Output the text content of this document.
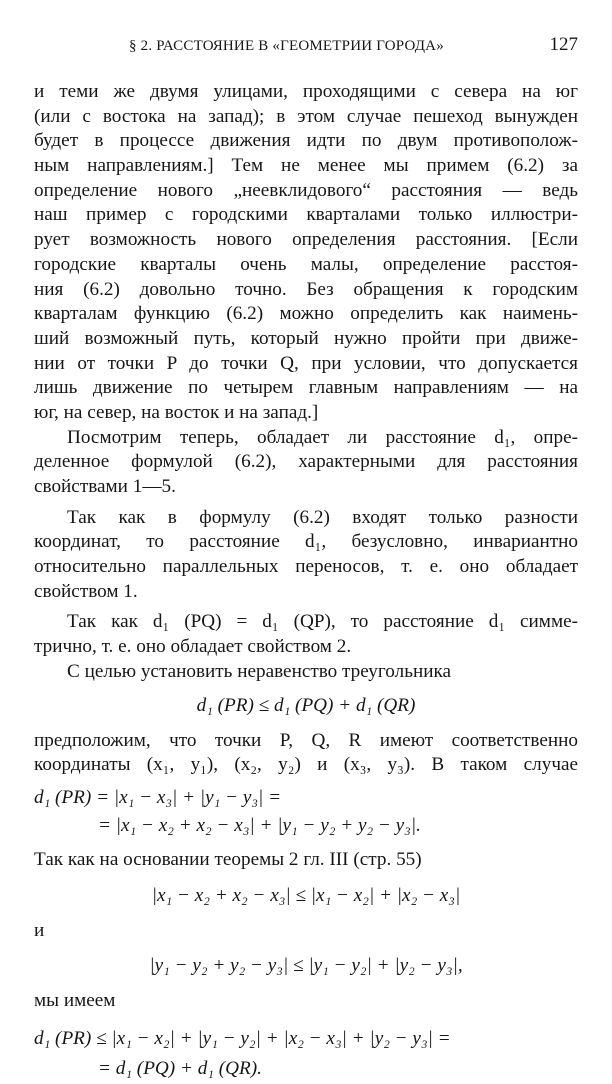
§ 2. РАССТОЯНИЕ В «ГЕОМЕТРИИ ГОРОДА»	127
и теми же двумя улицами, проходящими с севера на юг
(или с востока на запад); в этом случае пешеход вынужден
будет в процессе движения идти по двум противополож-
ным направлениям.] Тем не менее мы примем (6.2) за
определение нового „неевклидового“ расстояния — ведь
наш пример с городскими кварталами только иллюстри-
рует возможность нового определения расстояния. [Если
городские кварталы очень малы, определение расстоя-
ния (6.2) довольно точно. Без обращения к городским
кварталам функцию (6.2) можно определить как наимень-
ший возможный путь, который нужно пройти при движе-
нии от точки P до точки Q, при условии, что допускается
лишь движение по четырем главным направлениям — на
юг, на север, на восток и на запад.]
Посмотрим теперь, обладает ли расстояние d₁, опре-
деленное формулой (6.2), характерными для расстояния
свойствами 1—5.
Так как в формулу (6.2) входят только разности
координат, то расстояние d₁, безусловно, инвариантно
относительно параллельных переносов, т. е. оно обладает
свойством 1.
Так как d₁ (PQ) = d₁ (QP), то расстояние d₁ симме-
трично, т. е. оно обладает свойством 2.
С целью установить неравенство треугольника
d₁ (PR) ≤ d₁ (PQ) + d₁ (QR)
предположим, что точки P, Q, R имеют соответственно
координаты (x₁, y₁), (x₂, y₂) и (x₃, y₃). В таком случае
d₁ (PR) = |x₁ − x₃| + |y₁ − y₃| =
= |x₁ − x₂ + x₂ − x₃| + |y₁ − y₂ + y₂ − y₃|.
Так как на основании теоремы 2 гл. III (стр. 55)
|x₁ − x₂ + x₂ − x₃| ≤ |x₁ − x₂| + |x₂ − x₃|
и
|y₁ − y₂ + y₂ − y₃| ≤ |y₁ − y₂| + |y₂ − y₃|,
мы имеем
d₁ (PR) ≤ |x₁ − x₂| + |y₁ − y₂| + |x₂ − x₃| + |y₂ − y₃| =
= d₁ (PQ) + d₁ (QR).
